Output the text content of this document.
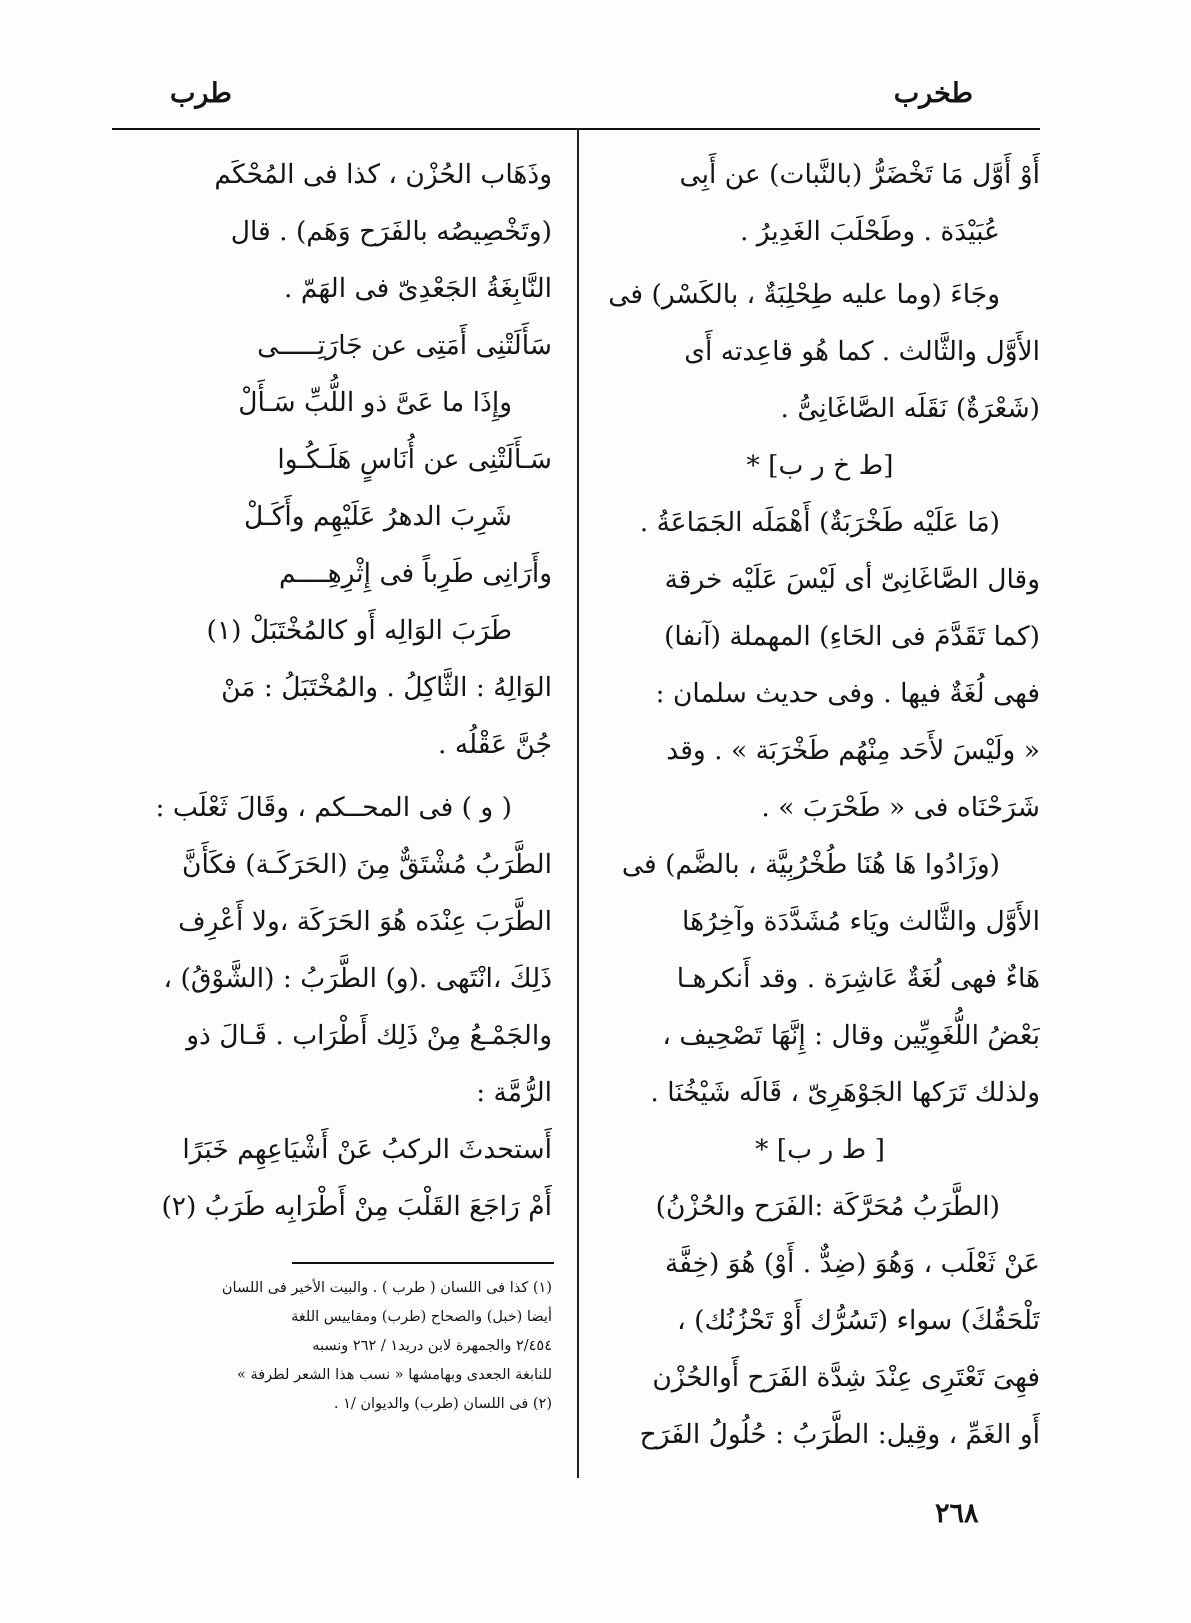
طخرب
طرب
أَوْ أَوَّل مَا تَخْضَرُّ (بالنَّبات) عن أَبِى
عُبَيْدَة . وطَحْلَبَ الغَدِيرُ .
وجَاءَ (وما عليه طِحْلِبَةٌ ، بالكَسْر) فى
الأَوَّل والثَّالث . كما هُو قاعِدته أَى
(شَعْرَةٌ) نَقَلَه الصَّاغَانِىُّ .
[ط خ ر ب] *
(مَا عَلَيْه طَخْرَبَةٌ) أَهْمَلَه الجَمَاعَةُ .
وقال الصَّاغَانِىّ أى لَيْسَ عَلَيْه خرقة
(كما تَقَدَّمَ فى الحَاءِ) المهملة (آنفا)
فهى لُغَةٌ فيها . وفى حديث سلمان :
« ولَيْسَ لأَحَد مِنْهُم طَخْرَبَة » . وقد
شَرَحْنَاه فى « طَحْرَبَ » .
(وزَادُوا هَا هُنَا طُخْرُبِيَّة ، بالضَّم) فى
الأَوَّل والثَّالث ويَاء مُشَدَّدَة وآخِرُهَا
هَاءٌ فهى لُغَةٌ عَاشِرَة . وقد أَنكرهـا
بَعْضُ اللُّغَوِيِّين وقال : إِنَّهَا تَصْحِيف ،
ولذلك تَرَكها الجَوْهَرِىّ ، قَالَه شَيْخُنَا .
[ ط ر ب] *
(الطَّرَبُ مُحَرَّكَة :الفَرَح والحُزْنُ)
عَنْ ثَعْلَب ، وَهُوَ (ضِدٌّ . أَوْ) هُوَ (خِفَّة
تَلْحَقُكَ) سواء (تَسُرُّك أَوْ تَحْزُنُك) ،
فهِىَ تَعْتَرِى عِنْدَ شِدَّة الفَرَح أَوالحُزْن
أَو الغَمِّ ، وقِيل: الطَّرَبُ : حُلُولُ الفَرَح
وذَهَاب الحُزْن ، كذا فى المُحْكَم
(وتَخْصِيصُه بالفَرَح وَهَم) . قال
النَّابِغَةُ الجَعْدِىّ فى الهَمّ .
سَأَلَتْنِى أَمَتِى عن جَارَتِـــــى
وإِذَا ما عَىَّ ذو اللُّبِّ سَـأَلْ
سَـأَلَتْنِى عن أُنَاسٍ هَلَـكُـوا
شَرِبَ الدهرُ عَلَيْهِم وأَكَـلْ
وأَرَانِى طَرِباً فى إِثْرِهِــــم
طَرَبَ الوَالِه أَو كالمُخْتَبَلْ (١)
الوَالِهُ : الثَّاكِلُ . والمُخْتَبَلُ : مَنْ
جُنَّ عَقْلُه .
( و ) فى المحــكم ، وقَالَ ثَعْلَب :
الطَّرَبُ مُشْتَقٌّ مِنَ (الحَرَكَـة) فكَأَنَّ
الطَّرَبَ عِنْدَه هُوَ الحَرَكَة ،ولا أَعْرِف
ذَلِكَ ،انْتَهى .(و) الطَّرَبُ : (الشَّوْقُ) ،
والجَمْـعُ مِنْ ذَلِك أَطْرَاب . قَـالَ ذو
الرُّمَّة :
أَستحدثَ الركبُ عَنْ أَشْيَاعِهِم خَبَرًا
أَمْ رَاجَعَ القَلْبَ مِنْ أَطْرَابِه طَرَبُ (٢)
(١) كذا فى اللسان ( طرب ) . والبيت الأخير فى اللسان
أيضا (خبل) والصحاح (طرب) ومقاييس اللغة
٢/٤٥٤ والجمهرة لابن دريد١ / ٢٦٢ ونسبه
للنابغة الجعدى وبهامشها « نسب هذا الشعر لطرفة »
(٢) فى اللسان (طرب) والديوان /١ .
٢٦٨
